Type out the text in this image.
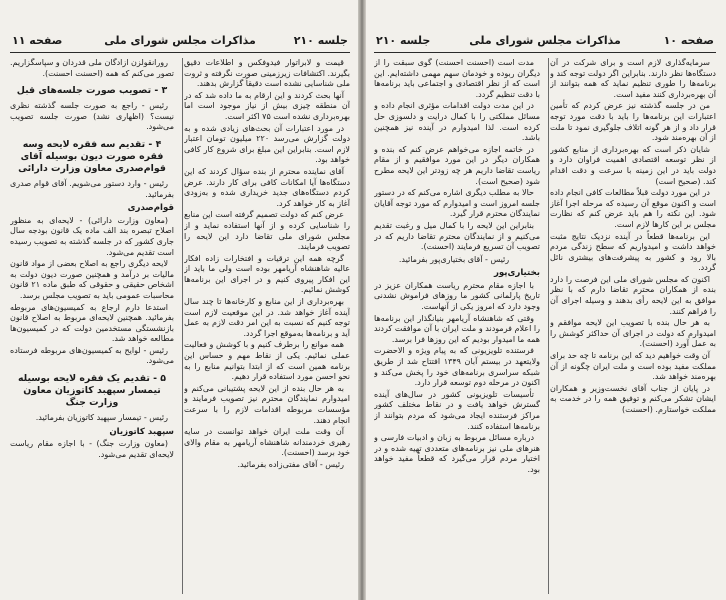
صفحه ۱۱	مذاکرات مجلس شورای ملی	جلسه ۲۱۰

قیمت و لابراتوار فیدوفکس و اطلاعات دقیق بگیرند. اکتشافات زیرزمینی صورت نگرفته و ثروت ملی شناسایی نشده است دقیقاً گزارش بدهند.

آنها بحث کردند و این ارقام به ما داده شد که در آن منطقه چیزی بیش از نیاز موجود است اما بهره‌برداری نشده است ۷۵ اکثر است.

در مورد اعتبارات آن بحث‌های زیادی شده و به دولت گزارش می‌رسد ۲۲۰ میلیون تومان اعتبار لازم است. بنابراین این مبلغ برای شروع کار کافی خواهد بود.

آقای نماینده محترم از بنده سؤال کردند که این دستگاه‌ها آیا امکانات کافی برای کار دارند. عرض کردم دستگاه‌های جدید خریداری شده و به‌زودی آغاز به کار خواهد کرد.

عرض کنم که دولت تصمیم گرفته است این منابع را شناسایی کرده و از آنها استفاده نماید و از مجلس شورای ملی تقاضا دارد این لایحه را تصویب فرمایند.

گرچه همه این ترقیات و افتخارات زاده افکار عالیه شاهنشاه آریامهر بوده است ولی ما باید از این افکار پیروی کنیم و در اجرای این برنامه‌ها کوشش نمائیم.

بهره‌برداری از این منابع و کارخانه‌ها تا چند سال آینده آغاز خواهد شد. در این موقعیت لازم است توجه کنیم که نسبت به این امر دقت لازم به عمل آید و برنامه‌ها به‌موقع اجرا گردد.

همه موانع را برطرف کنیم و با کوشش و فعالیت عملی نمائیم. یکی از نقاط مهم و حساس این برنامه همین است که از ابتدا بتوانیم منابع را به نحو احسن مورد استفاده قرار دهیم.

به هر حال بنده از این لایحه پشتیبانی می‌کنم و امیدوارم نمایندگان محترم نیز تصویب فرمایند و مؤسسات مربوطه اقدامات لازم را با سرعت انجام دهند.

آن وقت ملت ایران خواهد توانست در سایه رهبری خردمندانه شاهنشاه آریامهر به مقام والای خود برسد (احسنت).

رئیس - آقای مفتی‌زاده بفرمائید.

رورانقولزن ازادگان ملی قدردان و سپاسگزاریم. تصور می‌کنم که همه (احسنت احسنت).

۳ - تصویب صورت جلسه‌های قبل

رئیس - راجع به صورت جلسه گذشته نظری نیست؟ (اظهاری نشد) صورت جلسه تصویب می‌شود.

۴ - تقدیم سه فقره لایحه وسه فقره صورت دیون بوسیله آقای قوام‌صدری معاون وزارت دارائی

رئیس - وارد دستور می‌شویم. آقای قوام صدری بفرمائید.

قوام‌صدری

(معاون وزارت دارائی) - لایحه‌ای به منظور اصلاح تبصره بند الف ماده یک قانون بودجه سال جاری کشور که در جلسه گذشته به تصویب رسیده است تقدیم می‌شود.

لایحه دیگری راجع به اصلاح بعضی از مواد قانون مالیات بر درآمد و همچنین صورت دیون دولت به اشخاص حقیقی و حقوقی که طبق ماده ۲۱ قانون محاسبات عمومی باید به تصویب مجلس برسد.

استدعا دارم ارجاع به کمیسیون‌های مربوطه بفرمائید. همچنین لایحه‌ای مربوط به اصلاح قانون بازنشستگی مستخدمین دولت که در کمیسیون‌ها مطالعه خواهد شد.

رئیس - لوایح به کمیسیون‌های مربوطه فرستاده می‌شود.

۵ - تقدیم یک فقره لایحه بوسیله تیمسار سپهبد کاتوزیان معاون وزارت جنگ

رئیس - تیمسار سپهبد کاتوزیان بفرمائید.

سپهبد کاتوزیان

(معاون وزارت جنگ) - با اجازه مقام ریاست لایحه‌ای تقدیم می‌شود.

جلسه ۲۱۰	مذاکرات مجلس شورای ملی	صفحه ۱۰

سرمایه‌گذاری لازم است و برای شرکت در آن دستگاه‌ها نظر دارند. بنابراین اگر دولت توجه کند و برنامه‌ها را طوری تنظیم نماید که همه بتوانند از آن بهره‌برداری کنند مفید است.

من در جلسه گذشته نیز عرض کردم که تأمین اعتبارات این برنامه‌ها را باید با دقت مورد توجه قرار داد و از هر گونه اتلاف جلوگیری نمود تا ملت از آن بهره‌مند شود.

شایان ذکر است که بهره‌برداری از منابع کشور از نظر توسعه اقتصادی اهمیت فراوان دارد و دولت باید در این زمینه با سرعت و دقت اقدام کند. (صحیح است)

در این مورد دولت قبلاً مطالعات کافی انجام داده است و اکنون موقع آن رسیده که مرحله اجرا آغاز شود. این نکته را هم باید عرض کنم که نظارت مجلس بر این کارها لازم است.

این برنامه‌ها قطعاً در آینده نزدیک نتایج مثبت خواهد داشت و امیدواریم که سطح زندگی مردم بالا رود و کشور به پیشرفت‌های بیشتری نائل گردد.

اکنون که مجلس شورای ملی این فرصت را دارد بنده از همکاران محترم تقاضا دارم که با نظر موافق به این لایحه رأی بدهند و وسیله اجرای آن را فراهم کنند.

به هر حال بنده با تصویب این لایحه موافقم و امیدوارم که دولت در اجرای آن حداکثر کوشش را به عمل آورد (احسنت).

آن وقت خواهیم دید که این برنامه تا چه حد برای مملکت مفید بوده است و ملت ایران چگونه از آن بهره‌مند خواهد شد.

در پایان از جناب آقای نخست‌وزیر و همکاران ایشان تشکر می‌کنم و توفیق همه را در خدمت به مملکت خواستارم. (احسنت)

مدت است (احسنت احسنت) گوی سبقت را از دیگران ربوده و خودمان سهم مهمی داشته‌ایم. این است که از نظر اقتصادی و اجتماعی باید برنامه‌ها با دقت تنظیم گردد.

در این مدت دولت اقدامات مؤثری انجام داده و مسائل مملکتی را با کمال درایت و دلسوزی حل کرده است. لذا امیدوارم در آینده نیز همچنین باشد.

در خاتمه اجازه می‌خواهم عرض کنم که بنده و همکاران دیگر در این مورد موافقیم و از مقام ریاست تقاضا داریم هر چه زودتر این لایحه مطرح شود (صحیح است).

حالا به مطلب دیگری اشاره می‌کنم که در دستور جلسه امروز است و امیدوارم که مورد توجه آقایان نمایندگان محترم قرار گیرد.

بنابراین این لایحه را با کمال میل و رغبت تقدیم می‌کنیم و از نمایندگان محترم تقاضا داریم که در تصویب آن تسریع فرمایند (احسنت).

رئیس - آقای بختیاری‌پور بفرمائید.

بختیاری‌پور

با اجازه مقام محترم ریاست همکاران عزیز در تاریخ پارلمانی کشور ما روزهای فراموش نشدنی وجود دارد که امروز یکی از آنهاست.

وقتی که شاهنشاه آریامهر بنیانگذار این برنامه‌ها را اعلام فرمودند و ملت ایران با آن موافقت کردند همه ما امیدوار بودیم که این روزها فرا برسد.

فرستنده تلویزیونی که به پیام ویژه و الاحضرت ولایتعهد در بیستم آبان ۱۳۴۹ افتتاح شد از طریق شبکه سراسری برنامه‌های خود را پخش می‌کند و اکنون در مرحله دوم توسعه قرار دارد.

تأسیسات تلویزیونی کشور در سال‌های آینده گسترش خواهد یافت و در نقاط مختلف کشور مراکز فرستنده ایجاد می‌شود که مردم بتوانند از برنامه‌ها استفاده کنند.

درباره مسائل مربوط به زبان و ادبیات فارسی و هنرهای ملی نیز برنامه‌های متعددی تهیه شده و در اختیار مردم قرار می‌گیرد که قطعاً مفید خواهد بود.
